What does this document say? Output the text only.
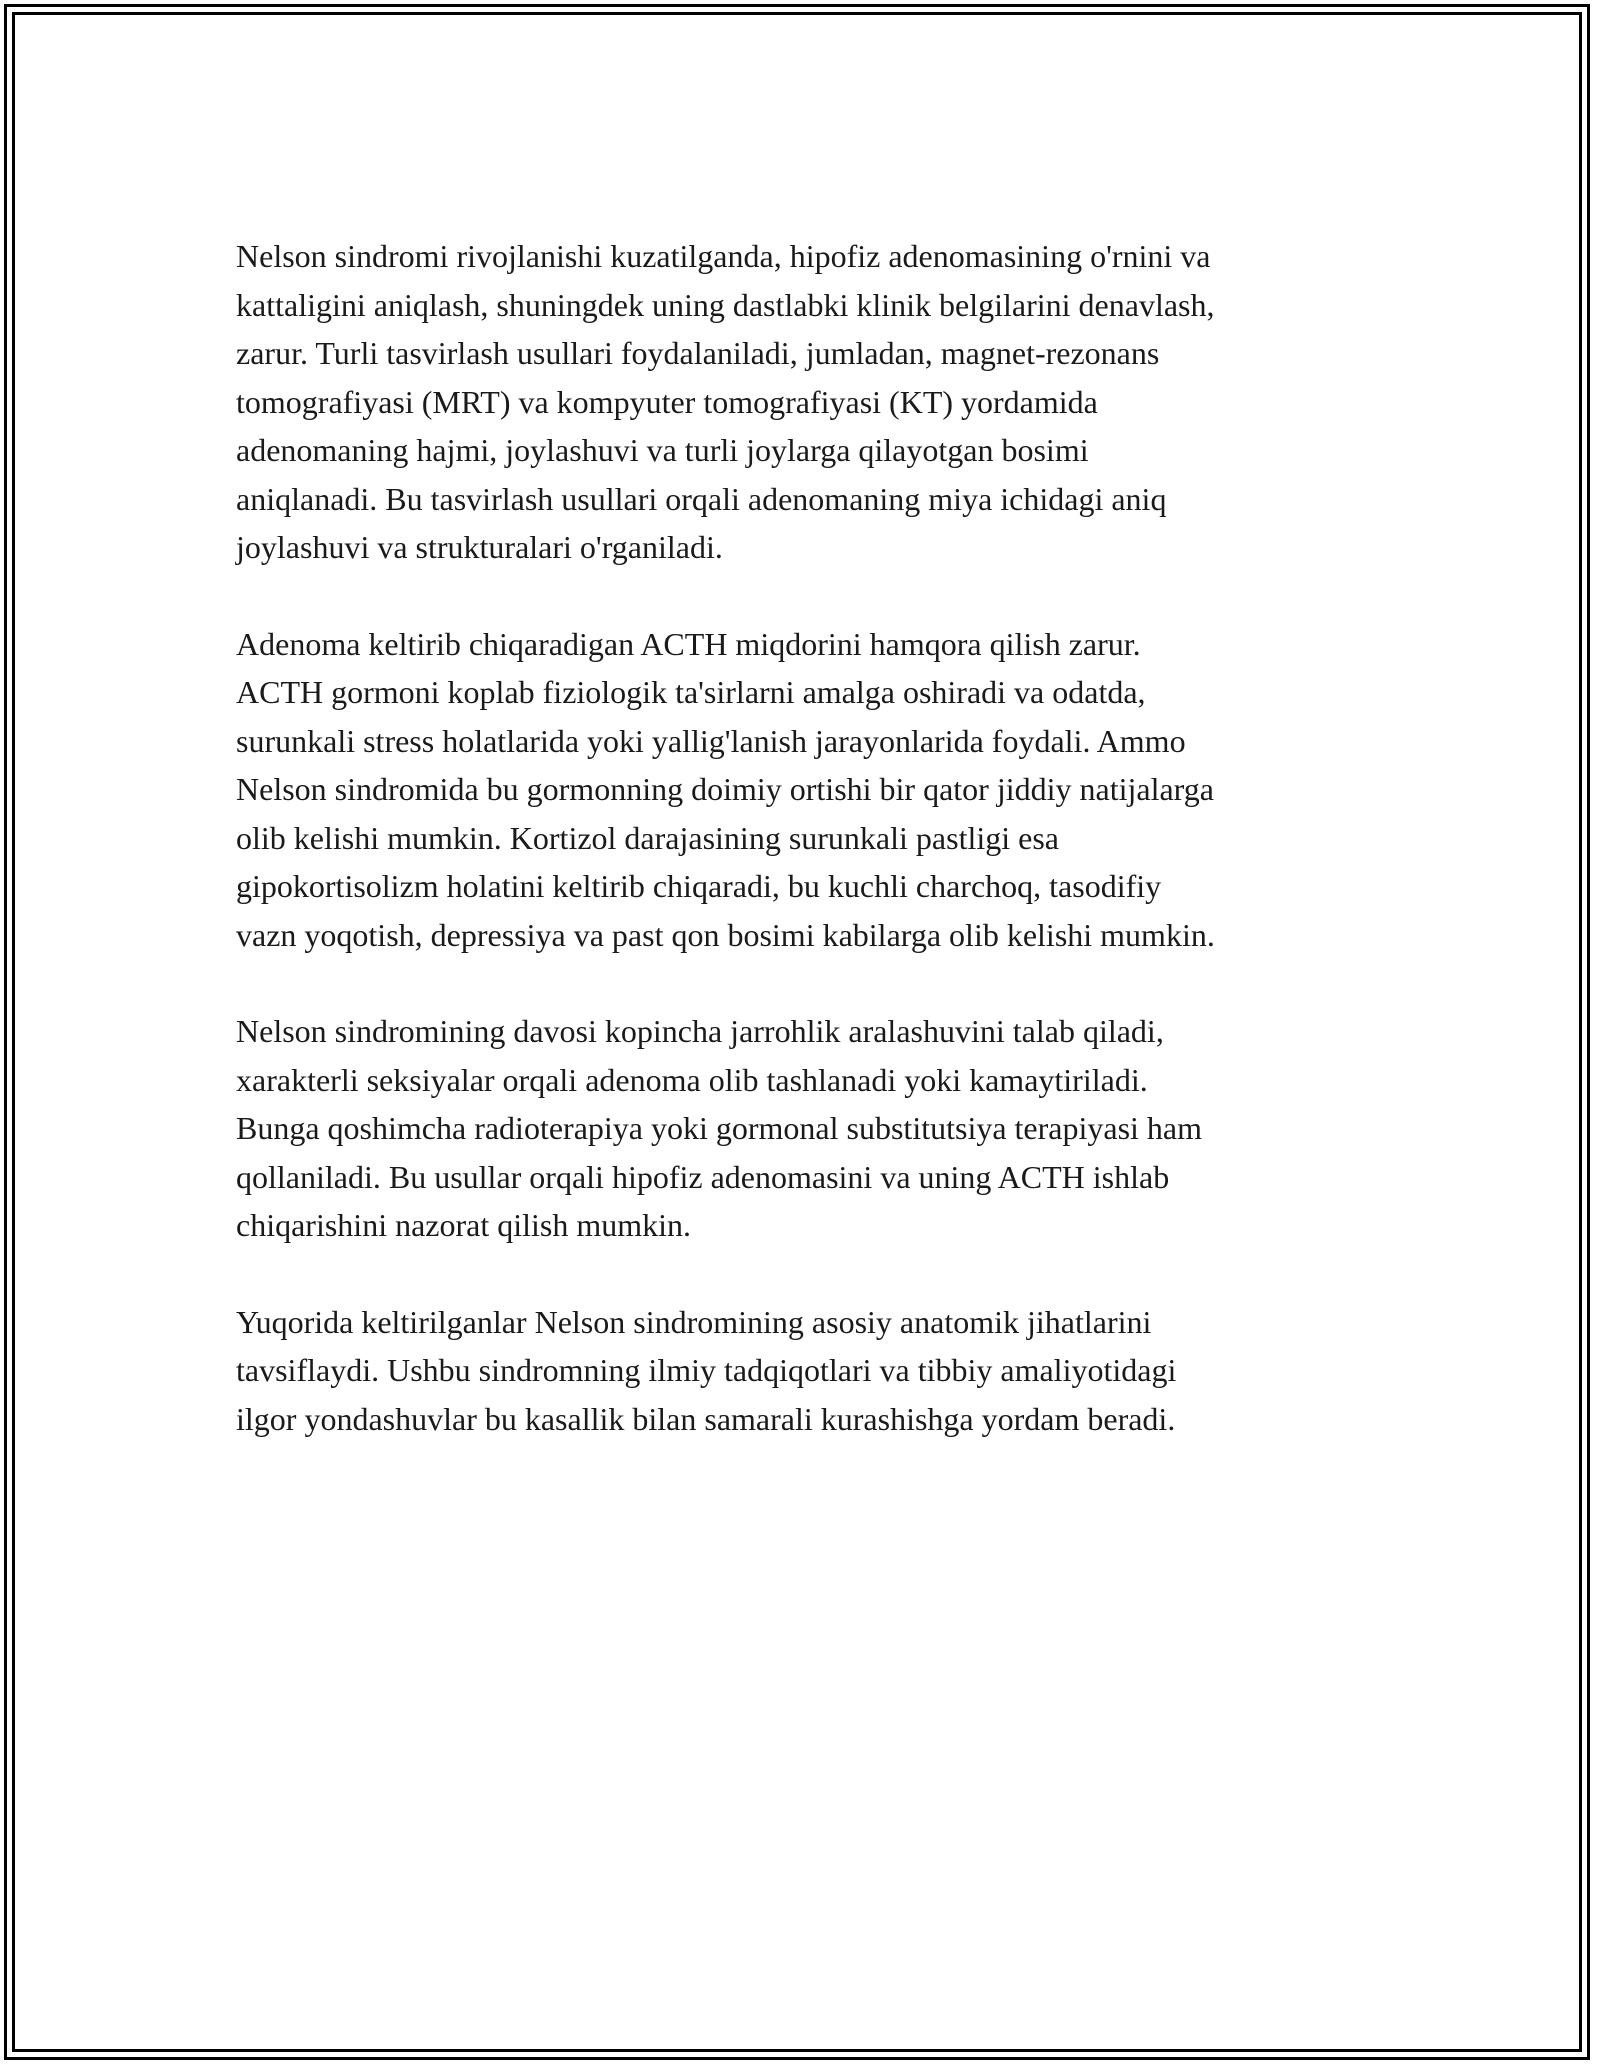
Nelson sindromi rivojlanishi kuzatilganda, hipofiz adenomasining o'rnini va
kattaligini aniqlash, shuningdek uning dastlabki klinik belgilarini denavlash,
zarur. Turli tasvirlash usullari foydalaniladi, jumladan, magnet-rezonans
tomografiyasi (MRT) va kompyuter tomografiyasi (KT) yordamida
adenomaning hajmi, joylashuvi va turli joylarga qilayotgan bosimi
aniqlanadi. Bu tasvirlash usullari orqali adenomaning miya ichidagi aniq
joylashuvi va strukturalari o'rganiladi.

Adenoma keltirib chiqaradigan ACTH miqdorini hamqora qilish zarur.
ACTH gormoni koplab fiziologik ta'sirlarni amalga oshiradi va odatda,
surunkali stress holatlarida yoki yallig'lanish jarayonlarida foydali. Ammo
Nelson sindromida bu gormonning doimiy ortishi bir qator jiddiy natijalarga
olib kelishi mumkin. Kortizol darajasining surunkali pastligi esa
gipokortisolizm holatini keltirib chiqaradi, bu kuchli charchoq, tasodifiy
vazn yoqotish, depressiya va past qon bosimi kabilarga olib kelishi mumkin.

Nelson sindromining davosi kopincha jarrohlik aralashuvini talab qiladi,
xarakterli seksiyalar orqali adenoma olib tashlanadi yoki kamaytiriladi.
Bunga qoshimcha radioterapiya yoki gormonal substitutsiya terapiyasi ham
qollaniladi. Bu usullar orqali hipofiz adenomasini va uning ACTH ishlab
chiqarishini nazorat qilish mumkin.

Yuqorida keltirilganlar Nelson sindromining asosiy anatomik jihatlarini
tavsiflaydi. Ushbu sindromning ilmiy tadqiqotlari va tibbiy amaliyotidagi
ilgor yondashuvlar bu kasallik bilan samarali kurashishga yordam beradi.
